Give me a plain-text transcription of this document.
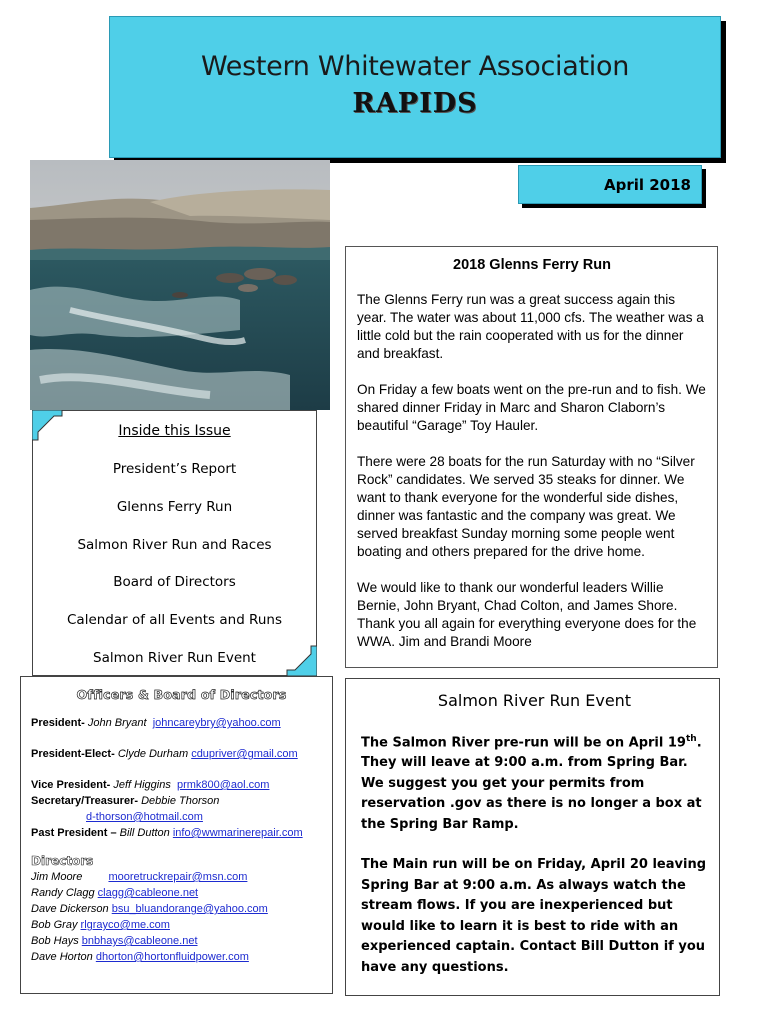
Western Whitewater Association
RAPIDS
April 2018
2018 Glenns Ferry Run

The Glenns Ferry run was a great success again this year. The water was about 11,000 cfs. The weather was a little cold but the rain cooperated with us for the dinner and breakfast.

On Friday a few boats went on the pre-run and to fish. We shared dinner Friday in Marc and Sharon Claborn’s beautiful “Garage” Toy Hauler.

There were 28 boats for the run Saturday with no “Silver Rock” candidates. We served 35 steaks for dinner. We want to thank everyone for the wonderful side dishes, dinner was fantastic and the company was great. We served breakfast Sunday morning some people went boating and others prepared for the drive home.

We would like to thank our wonderful leaders Willie Bernie, John Bryant, Chad Colton, and James Shore. Thank you all again for everything everyone does for the WWA. Jim and Brandi Moore

Inside this Issue
President’s Report
Glenns Ferry Run
Salmon River Run and Races
Board of Directors
Calendar of all Events and Runs
Salmon River Run Event
Officers & Board of Directors
President- John Bryant johncareybry@yahoo.com
President-Elect- Clyde Durham cdupriver@gmail.com
Vice President- Jeff Higgins prmk800@aol.com
Secretary/Treasurer- Debbie Thorson
d-thorson@hotmail.com
Past President – Bill Dutton info@wwmarinerepair.com
Directors
Jim Moore mooretruckrepair@msn.com
Randy Clagg clagg@cableone.net
Dave Dickerson bsu_bluandorange@yahoo.com
Bob Gray rlgrayco@me.com
Bob Hays bnbhays@cableone.net
Dave Horton dhorton@hortonfluidpower.com
Salmon River Run Event

The Salmon River pre-run will be on April 19th. They will leave at 9:00 a.m. from Spring Bar. We suggest you get your permits from reservation .gov as there is no longer a box at the Spring Bar Ramp.

The Main run will be on Friday, April 20 leaving Spring Bar at 9:00 a.m. As always watch the stream flows. If you are inexperienced but would like to learn it is best to ride with an experienced captain. Contact Bill Dutton if you have any questions.
